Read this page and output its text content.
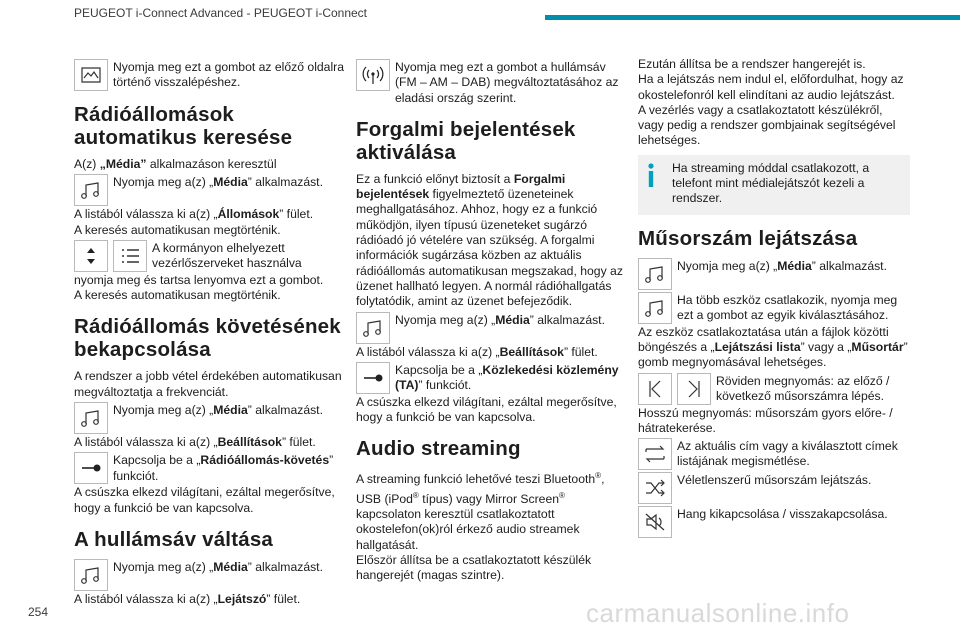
PEUGEOT i-Connect Advanced - PEUGEOT i-Connect
Nyomja meg ezt a gombot az előző oldalra történő visszalépéshez.
Rádióállomások automatikus keresése
A(z) „Média” alkalmazáson keresztül
Nyomja meg a(z) „Média” alkalmazást.
A listából válassza ki a(z) „Állomások” fület.
A keresés automatikusan megtörténik.
A kormányon elhelyezett vezérlőszerveket használva
nyomja meg és tartsa lenyomva ezt a gombot.
A keresés automatikusan megtörténik.
Rádióállomás követésének bekapcsolása
A rendszer a jobb vétel érdekében automatikusan megváltoztatja a frekvenciát.
Nyomja meg a(z) „Média” alkalmazást.
A listából válassza ki a(z) „Beállítások” fület.
Kapcsolja be a „Rádióállomás-követés” funkciót.
A csúszka elkezd világítani, ezáltal megerősítve, hogy a funkció be van kapcsolva.
A hullámsáv váltása
Nyomja meg a(z) „Média” alkalmazást.
A listából válassza ki a(z) „Lejátszó” fület.
Nyomja meg ezt a gombot a hullámsáv (FM – AM – DAB) megváltoztatásához az eladási ország szerint.
Forgalmi bejelentések aktiválása
Ez a funkció előnyt biztosít a Forgalmi bejelentések figyelmeztető üzeneteinek meghallgatásához. Ahhoz, hogy ez a funkció működjön, ilyen típusú üzeneteket sugárzó rádióadó jó vételére van szükség. A forgalmi információk sugárzása közben az aktuális rádióállomás automatikusan megszakad, hogy az üzenet hallható legyen. A normál rádióhallgatás folytatódik, amint az üzenet befejeződik.
Nyomja meg a(z) „Média” alkalmazást.
A listából válassza ki a(z) „Beállítások” fület.
Kapcsolja be a „Közlekedési közlemény (TA)” funkciót.
A csúszka elkezd világítani, ezáltal megerősítve, hogy a funkció be van kapcsolva.
Audio streaming
A streaming funkció lehetővé teszi Bluetooth®, USB (iPod® típus) vagy Mirror Screen® kapcsolaton keresztül csatlakoztatott okostelefon(ok)ról érkező audio streamek hallgatását.
Először állítsa be a csatlakoztatott készülék hangerejét (magas szintre).
Ezután állítsa be a rendszer hangerejét is.
Ha a lejátszás nem indul el, előfordulhat, hogy az okostelefonról kell elindítani az audio lejátszást.
A vezérlés vagy a csatlakoztatott készülékről, vagy pedig a rendszer gombjainak segítségével lehetséges.
Ha streaming móddal csatlakozott, a telefont mint médialejátszót kezeli a rendszer.
Műsorszám lejátszása
Nyomja meg a(z) „Média” alkalmazást.
Ha több eszköz csatlakozik, nyomja meg ezt a gombot az egyik kiválasztásához.
Az eszköz csatlakoztatása után a fájlok közötti böngészés a „Lejátszási lista” vagy a „Műsortár” gomb megnyomásával lehetséges.
Röviden megnyomás: az előző / következő műsorszámra lépés.
Hosszú megnyomás: műsorszám gyors előre- / hátratekerése.
Az aktuális cím vagy a kiválasztott címek listájának megismétlése.
Véletlenszerű műsorszám lejátszás.
Hang kikapcsolása / visszakapcsolása.
254	carmanualsonline.info
